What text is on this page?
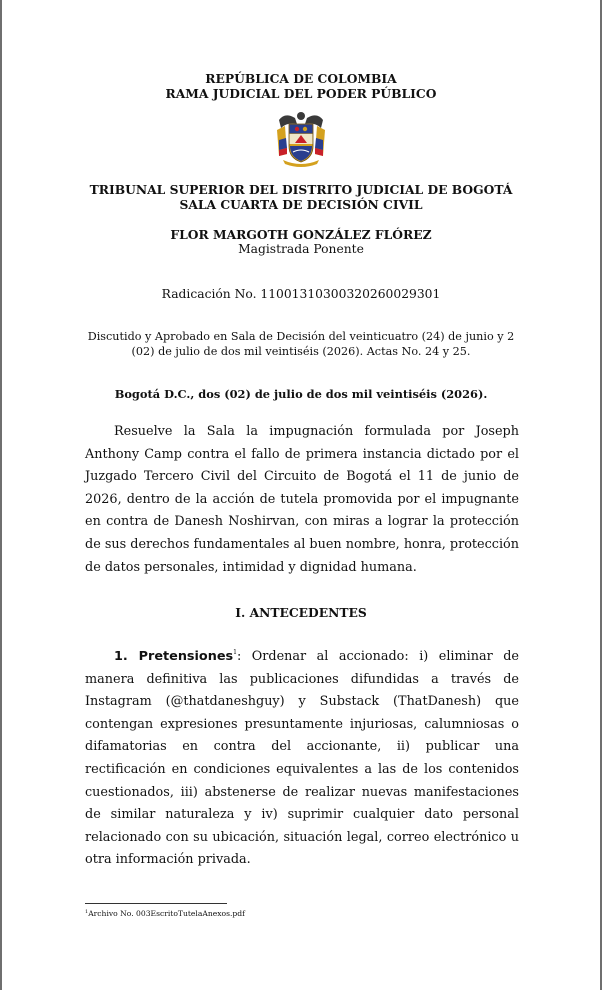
REPÚBLICA DE COLOMBIA
RAMA JUDICIAL DEL PODER PÚBLICO
TRIBUNAL SUPERIOR DEL DISTRITO JUDICIAL DE BOGOTÁ
SALA CUARTA DE DECISIÓN CIVIL
FLOR MARGOTH GONZÁLEZ FLÓREZ
Magistrada Ponente
Radicación No. 11001310300320260029301
Discutido y Aprobado en Sala de Decisión del veinticuatro (24) de junio y 2
(02) de julio de dos mil veintiséis (2026). Actas No. 24 y 25.
Bogotá D.C., dos (02) de julio de dos mil veintiséis (2026).
Resuelve la Sala la impugnación formulada por Joseph Anthony Camp contra el fallo de primera instancia dictado por el Juzgado Tercero Civil del Circuito de Bogotá el 11 de junio de 2026, dentro de la acción de tutela promovida por el impugnante en contra de Danesh Noshirvan, con miras a lograr la protección de sus derechos fundamentales al buen nombre, honra, protección de datos personales, intimidad y dignidad humana.
I. ANTECEDENTES
1. Pretensiones$^1$: Ordenar al accionado: i) eliminar de manera definitiva las publicaciones difundidas a través de Instagram (@thatdaneshguy) y Substack (ThatDanesh) que contengan expresiones presuntamente injuriosas, calumniosas o difamatorias en contra del accionante, ii) publicar una rectificación en condiciones equivalentes a las de los contenidos cuestionados, iii) abstenerse de realizar nuevas manifestaciones de similar naturaleza y iv) suprimir cualquier dato personal relacionado con su ubicación, situación legal, correo electrónico u otra información privada.
$^1$Archivo No. 003EscritoTutelaAnexos.pdf
